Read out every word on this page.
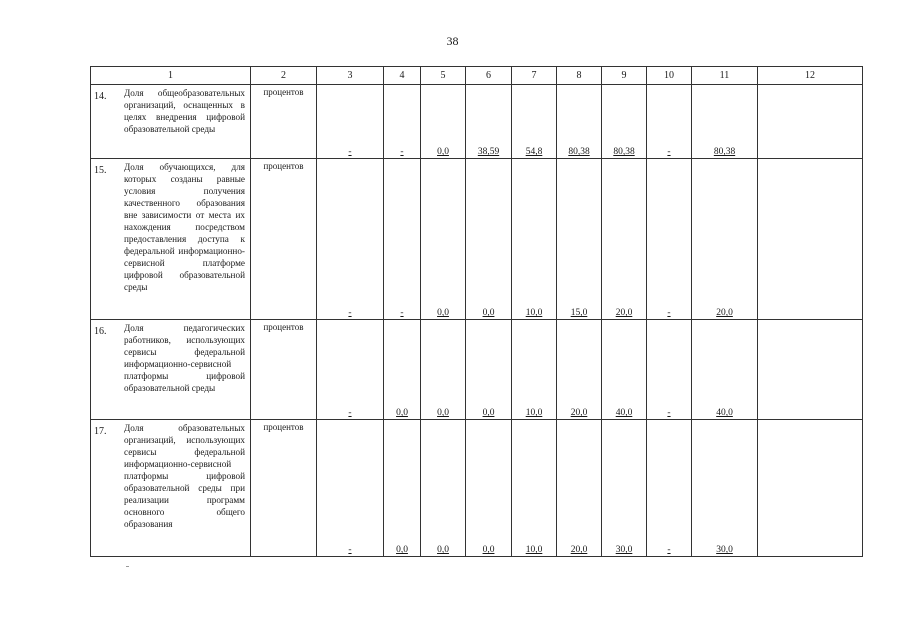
38
1	2	3	4	5	6	7	8	9	10	11	12

14. Доля общеобразовательных организаций, оснащенных в целях внедрения цифровой образовательной среды	процентов	-	-	0,0	38,59	54,8	80,38	80,38	-	80,38	

15. Доля обучающихся, для которых созданы равные условия получения качественного образования вне зависимости от места их нахождения посредством предоставления доступа к федеральной информационно-сервисной платформе цифровой образовательной среды	процентов	-	-	0,0	0,0	10,0	15,0	20,0	-	20,0	

16. Доля педагогических работников, использующих сервисы федеральной информационно-сервисной платформы цифровой образовательной среды	процентов	-	0,0	0,0	0,0	10,0	20,0	40,0	-	40,0	

17. Доля образовательных организаций, использующих сервисы федеральной информационно-сервисной платформы цифровой образовательной среды при реализации программ основного общего образования	процентов	-	0,0	0,0	0,0	10,0	20,0	30,0	-	30,0	
